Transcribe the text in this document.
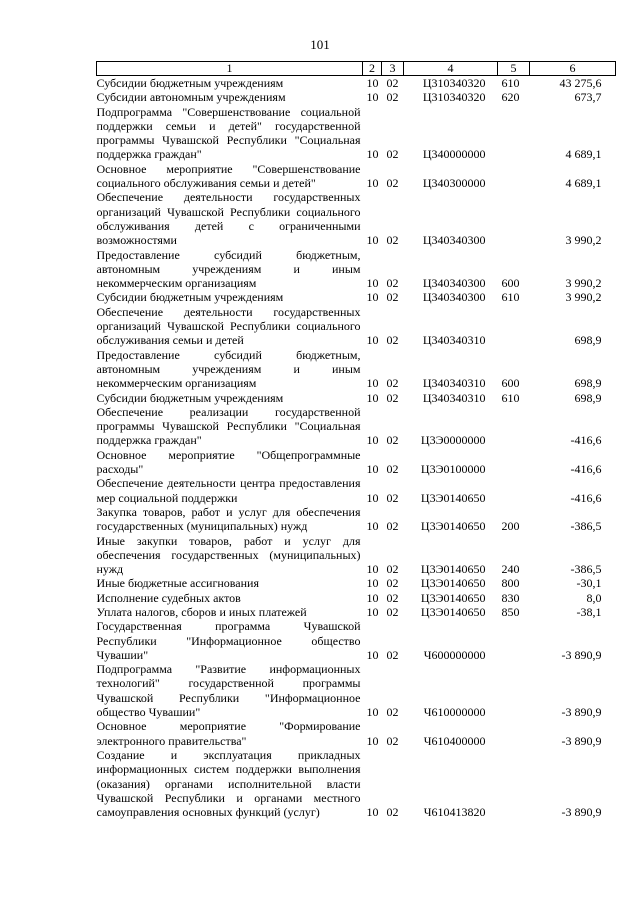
101
1	2	3	4	5	6
Субсидии бюджетным учреждениям	10	02	Ц310340320	610	43 275,6
Субсидии автономным учреждениям	10	02	Ц310340320	620	673,7
Подпрограмма "Совершенствование социальной поддержки семьи и детей" государственной программы Чувашской Республики "Социальная поддержка граждан"	10	02	Ц340000000		4 689,1
Основное мероприятие "Совершенствование социального обслуживания семьи и детей"	10	02	Ц340300000		4 689,1
Обеспечение деятельности государственных организаций Чувашской Республики социального обслуживания детей с ограниченными возможностями	10	02	Ц340340300		3 990,2
Предоставление субсидий бюджетным, автономным учреждениям и иным некоммерческим организациям	10	02	Ц340340300	600	3 990,2
Субсидии бюджетным учреждениям	10	02	Ц340340300	610	3 990,2
Обеспечение деятельности государственных организаций Чувашской Республики социального обслуживания семьи и детей	10	02	Ц340340310		698,9
Предоставление субсидий бюджетным, автономным учреждениям и иным некоммерческим организациям	10	02	Ц340340310	600	698,9
Субсидии бюджетным учреждениям	10	02	Ц340340310	610	698,9
Обеспечение реализации государственной программы Чувашской Республики "Социальная поддержка граждан"	10	02	Ц3Э0000000		-416,6
Основное мероприятие "Общепрограммные расходы"	10	02	Ц3Э0100000		-416,6
Обеспечение деятельности центра предоставления мер социальной поддержки	10	02	Ц3Э0140650		-416,6
Закупка товаров, работ и услуг для обеспечения государственных (муниципальных) нужд	10	02	Ц3Э0140650	200	-386,5
Иные закупки товаров, работ и услуг для обеспечения государственных (муниципальных) нужд	10	02	Ц3Э0140650	240	-386,5
Иные бюджетные ассигнования	10	02	Ц3Э0140650	800	-30,1
Исполнение судебных актов	10	02	Ц3Э0140650	830	8,0
Уплата налогов, сборов и иных платежей	10	02	Ц3Э0140650	850	-38,1
Государственная программа Чувашской Республики "Информационное общество Чувашии"	10	02	Ч600000000		-3 890,9
Подпрограмма "Развитие информационных технологий" государственной программы Чувашской Республики "Информационное общество Чувашии"	10	02	Ч610000000		-3 890,9
Основное мероприятие "Формирование электронного правительства"	10	02	Ч610400000		-3 890,9
Создание и эксплуатация прикладных информационных систем поддержки выполнения (оказания) органами исполнительной власти Чувашской Республики и органами местного самоуправления основных функций (услуг)	10	02	Ч610413820		-3 890,9
